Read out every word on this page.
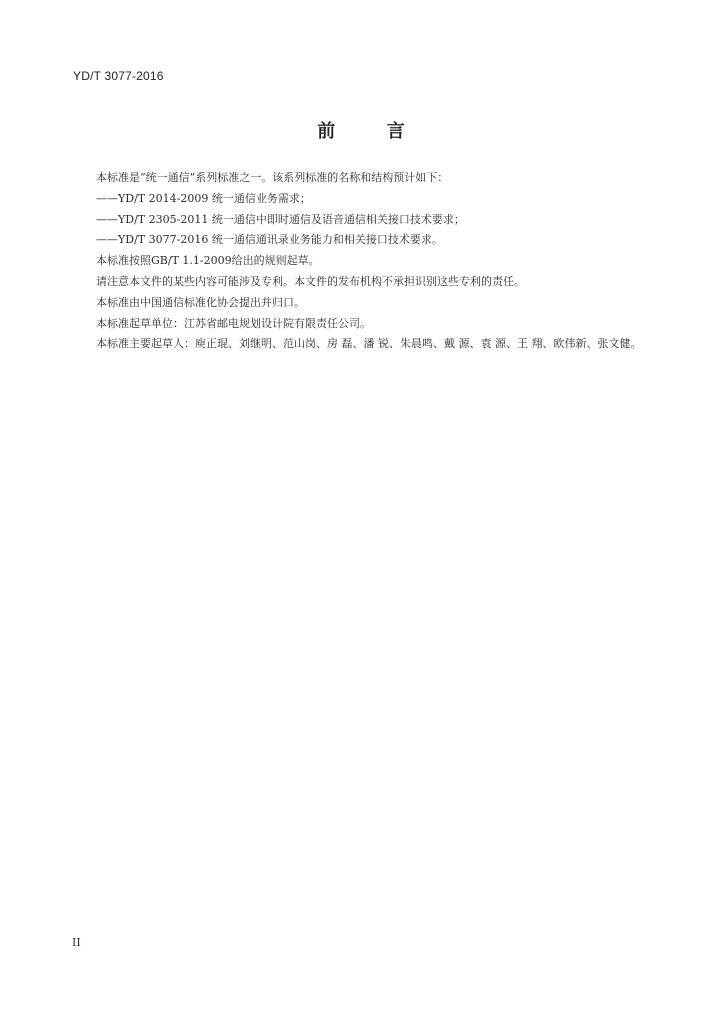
YD/T 3077-2016
前      言

本标准是“统一通信”系列标准之一。该系列标准的名称和结构预计如下：

——YD/T 2014-2009 统一通信业务需求；

——YD/T 2305-2011 统一通信中即时通信及语音通信相关接口技术要求；

——YD/T 3077-2016 统一通信通讯录业务能力和相关接口技术要求。

本标准按照GB/T 1.1-2009给出的规则起草。

请注意本文件的某些内容可能涉及专利。本文件的发布机构不承担识别这些专利的责任。

本标准由中国通信标准化协会提出并归口。

本标准起草单位：江苏省邮电规划设计院有限责任公司。

本标准主要起草人：庾正琨、刘继明、范山岗、房 磊、潘 锐、朱晨鸣、戴 源、袁 源、王 翔、欧伟新、张文健。

II
